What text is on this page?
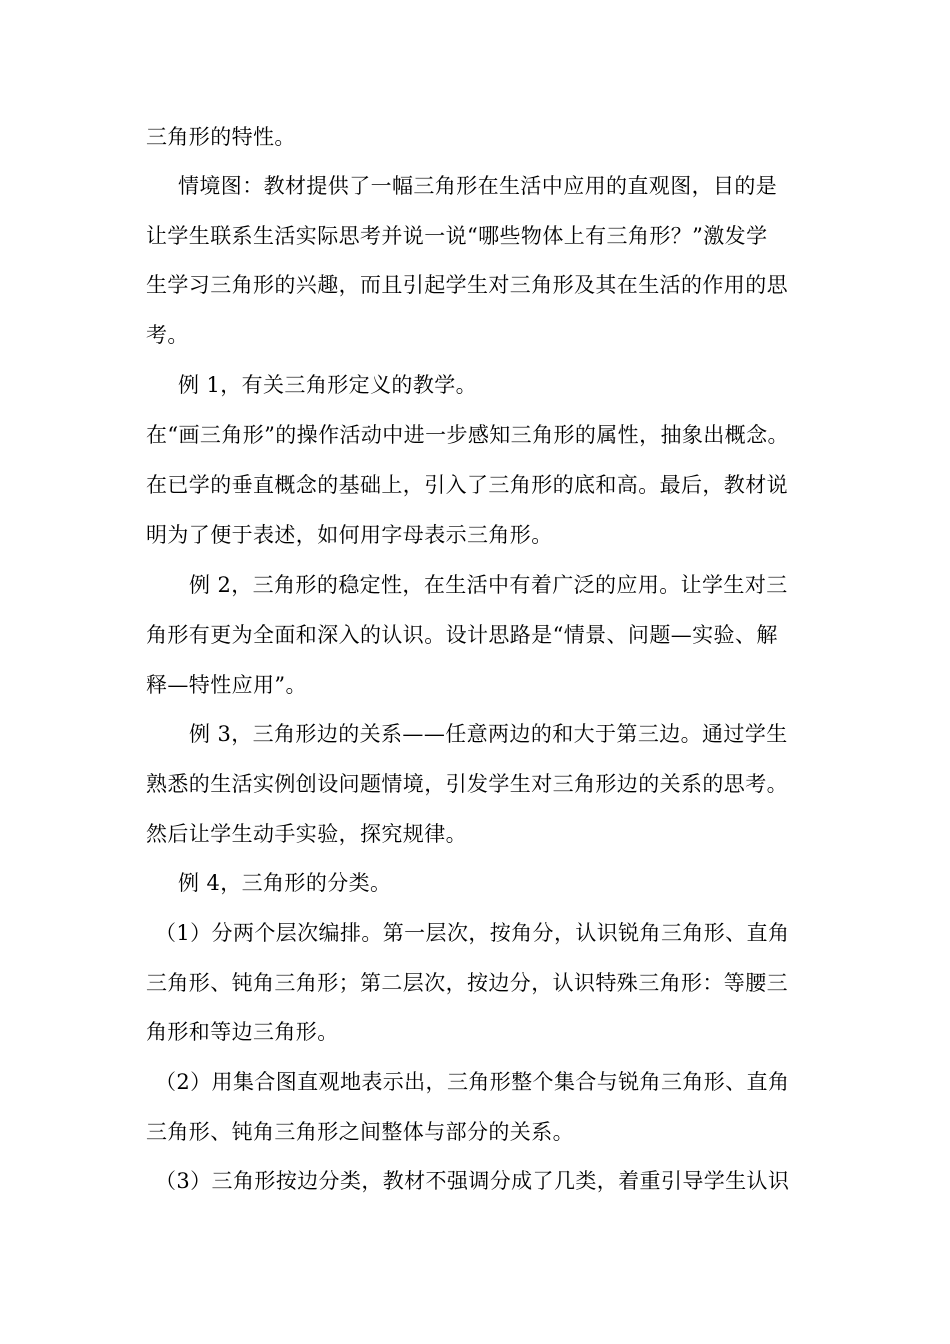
三角形的特性。
情境图：教材提供了一幅三角形在生活中应用的直观图，目的是
让学生联系生活实际思考并说一说“哪些物体上有三角形？”激发学
生学习三角形的兴趣，而且引起学生对三角形及其在生活的作用的思
考。
例 1，有关三角形定义的教学。
在“画三角形”的操作活动中进一步感知三角形的属性，抽象出概念。
在已学的垂直概念的基础上，引入了三角形的底和高。最后，教材说
明为了便于表述，如何用字母表示三角形。
例 2，三角形的稳定性，在生活中有着广泛的应用。让学生对三
角形有更为全面和深入的认识。设计思路是“情景、问题—实验、解
释—特性应用”。
例 3，三角形边的关系——任意两边的和大于第三边。通过学生
熟悉的生活实例创设问题情境，引发学生对三角形边的关系的思考。
然后让学生动手实验，探究规律。
例 4，三角形的分类。
（1）分两个层次编排。第一层次，按角分，认识锐角三角形、直角
三角形、钝角三角形；第二层次，按边分，认识特殊三角形：等腰三
角形和等边三角形。
（2）用集合图直观地表示出，三角形整个集合与锐角三角形、直角
三角形、钝角三角形之间整体与部分的关系。
（3）三角形按边分类，教材不强调分成了几类，着重引导学生认识
